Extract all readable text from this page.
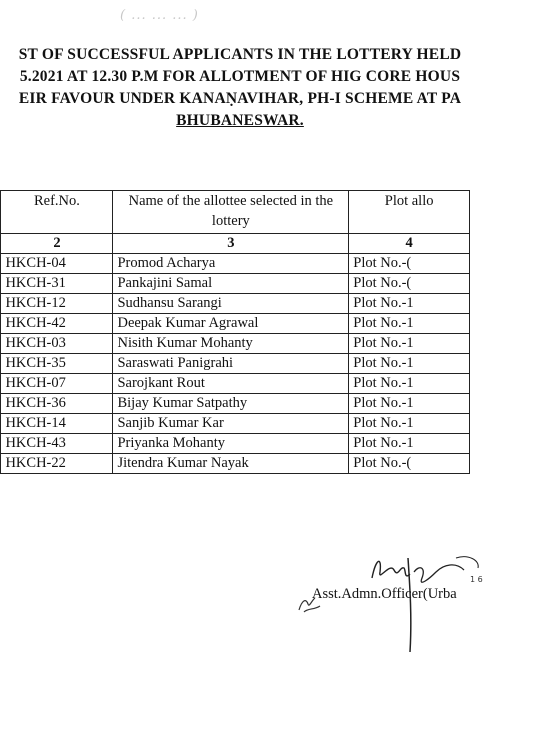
( ... ... ... )
ST OF SUCCESSFUL APPLICANTS IN THE LOTTERY HELD
5.2021 AT 12.30 P.M FOR ALLOTMENT OF HIG CORE HOUS
EIR FAVOUR UNDER KANAṆAVIHAR, PH-I SCHEME AT PA
BHUBANESWAR.
	Ref.No.	Name of the allottee selected in the lottery	Plot allo
	2	3	4
	HKCH-04	Promod Acharya	Plot No.-(
	HKCH-31	Pankajini Samal	Plot No.-(
	HKCH-12	Sudhansu Sarangi	Plot No.-1
	HKCH-42	Deepak Kumar Agrawal	Plot No.-1
	HKCH-03	Nisith Kumar Mohanty	Plot No.-1
	HKCH-35	Saraswati Panigrahi	Plot No.-1
	HKCH-07	Sarojkant Rout	Plot No.-1
	HKCH-36	Bijay Kumar Satpathy	Plot No.-1
	HKCH-14	Sanjib Kumar Kar	Plot No.-1
	HKCH-43	Priyanka Mohanty	Plot No.-1
	HKCH-22	Jitendra Kumar Nayak	Plot No.-(
Asst.Admn.Officer(Urba
1 6
